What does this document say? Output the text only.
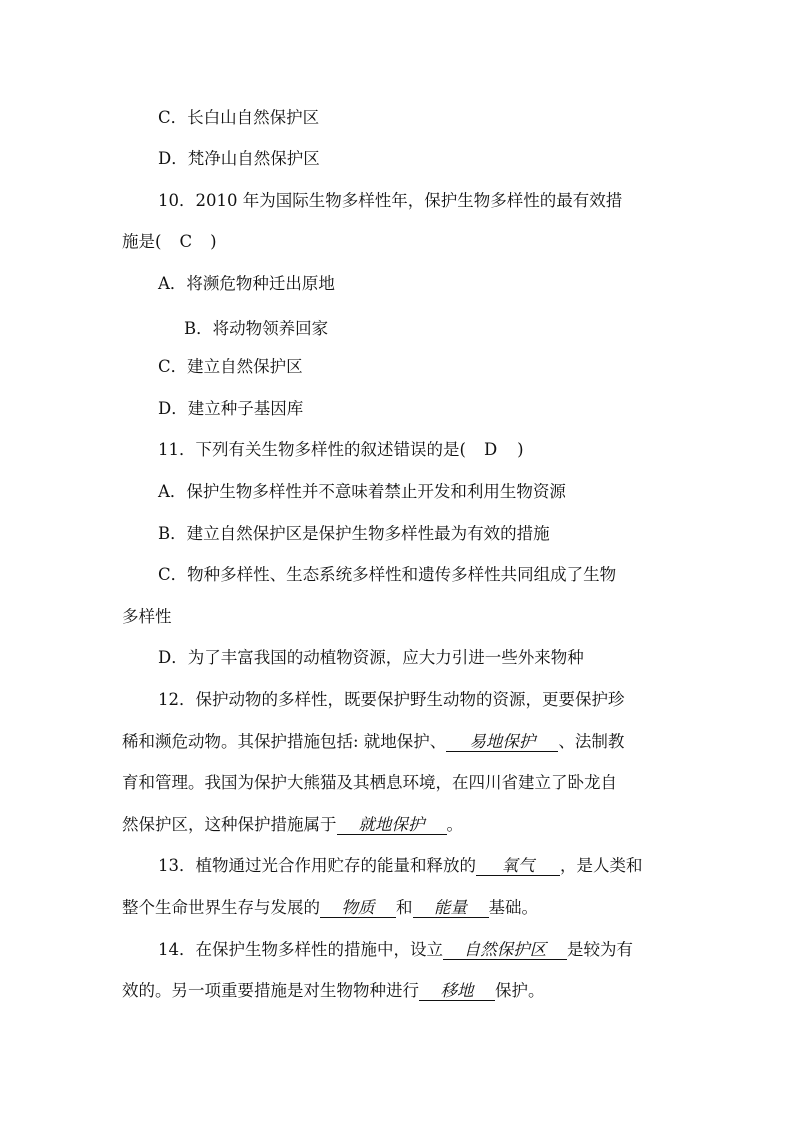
C．长白山自然保护区
D．梵净山自然保护区
10．2010 年为国际生物多样性年，保护生物多样性的最有效措
施是( C )
A．将濒危物种迁出原地
B．将动物领养回家
C．建立自然保护区
D．建立种子基因库
11．下列有关生物多样性的叙述错误的是( D )
A．保护生物多样性并不意味着禁止开发和利用生物资源
B．建立自然保护区是保护生物多样性最为有效的措施
C．物种多样性、生态系统多样性和遗传多样性共同组成了生物
多样性
D．为了丰富我国的动植物资源，应大力引进一些外来物种
12．保护动物的多样性，既要保护野生动物的资源，更要保护珍
稀和濒危动物。其保护措施包括: 就地保护、 易地保护 、法制教
育和管理。我国为保护大熊猫及其栖息环境，在四川省建立了卧龙自
然保护区，这种保护措施属于 就地保护 。
13．植物通过光合作用贮存的能量和释放的 氧气 ，是人类和
整个生命世界生存与发展的 物质 和 能量 基础。
14．在保护生物多样性的措施中，设立 自然保护区 是较为有
效的。另一项重要措施是对生物物种进行 移地 保护。
